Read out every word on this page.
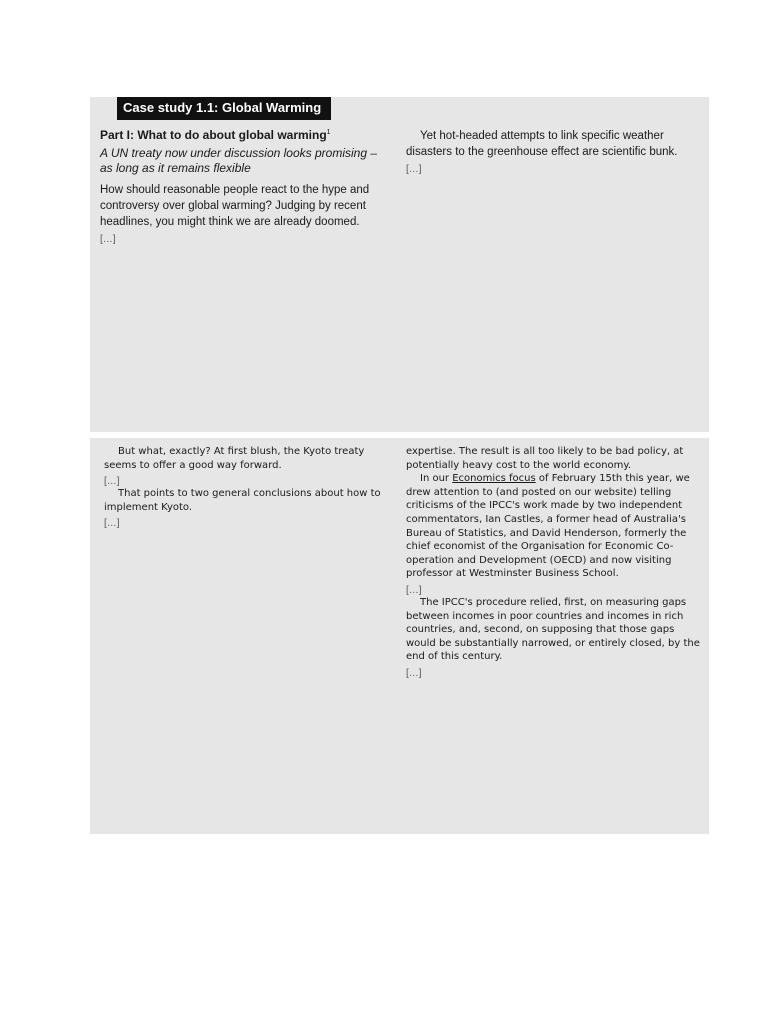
Case study 1.1: Global Warming

Part I: What to do about global warming$^1$

A UN treaty now under discussion looks promising – as long as it remains flexible

How should reasonable people react to the hype and controversy over global warming? Judging by recent headlines, you might think we are already doomed.

[…]

Yet hot-headed attempts to link specific weather disasters to the greenhouse effect are scientific bunk.

[…]

But what, exactly? At first blush, the Kyoto treaty seems to offer a good way forward.

[…]

That points to two general conclusions about how to implement Kyoto.

[…]

expertise. The result is all too likely to be bad policy, at potentially heavy cost to the world economy.

In our Economics focus of February 15th this year, we drew attention to (and posted on our website) telling criticisms of the IPCC's work made by two independent commentators, Ian Castles, a former head of Australia's Bureau of Statistics, and David Henderson, formerly the chief economist of the Organisation for Economic Co-operation and Development (OECD) and now visiting professor at Westminster Business School.

[…]

The IPCC's procedure relied, first, on measuring gaps between incomes in poor countries and incomes in rich countries, and, second, on supposing that those gaps would be substantially narrowed, or entirely closed, by the end of this century.

[…]
